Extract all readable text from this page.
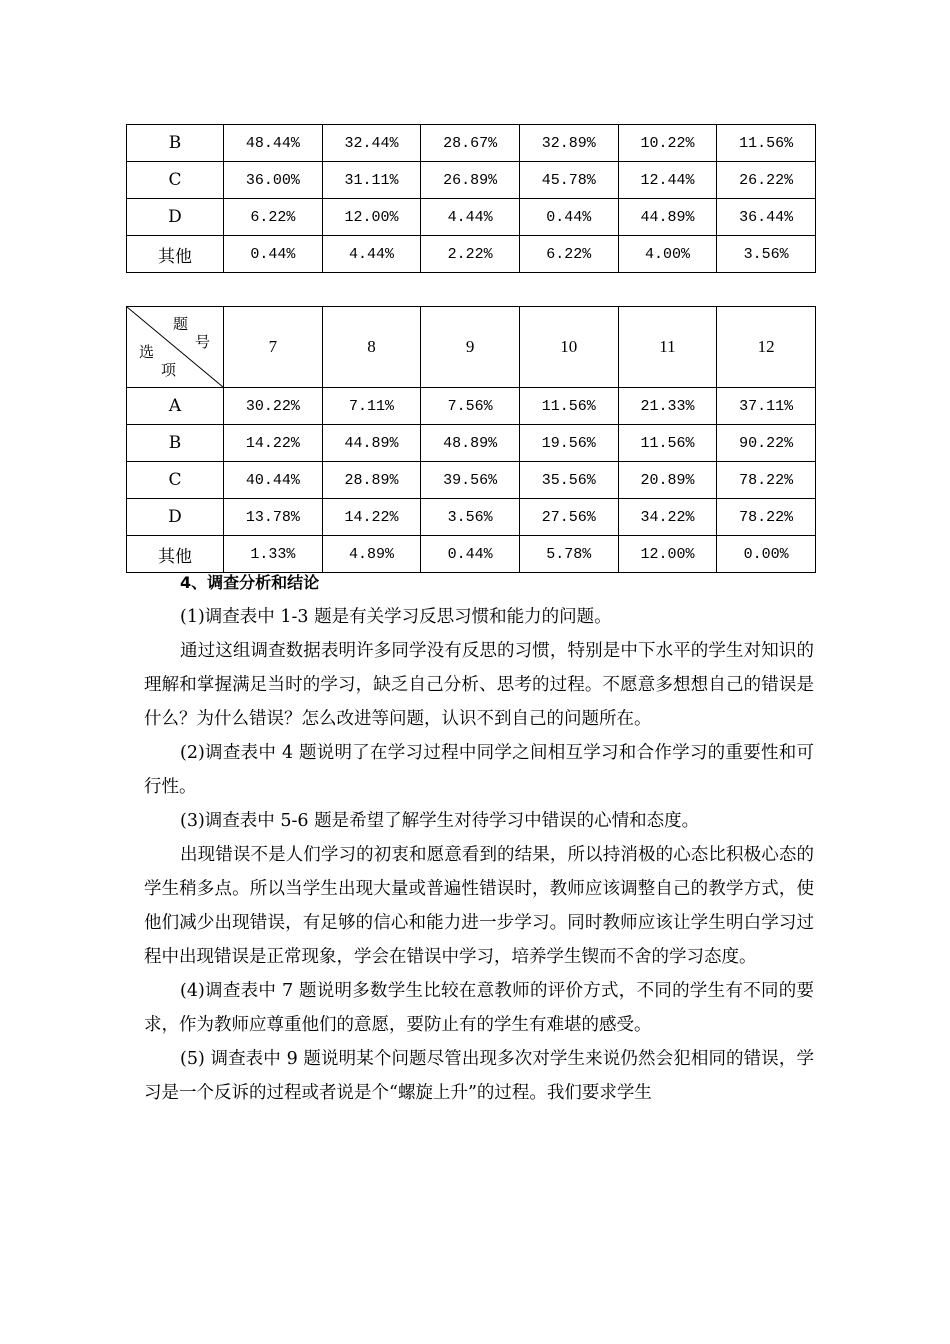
B	48.44%	32.44%	28.67%	32.89%	10.22%	11.56%
C	36.00%	31.11%	26.89%	45.78%	12.44%	26.22%
D	6.22%	12.00%	4.44%	0.44%	44.89%	36.44%
其他	0.44%	4.44%	2.22%	6.22%	4.00%	3.56%
题
号
选
项	7	8	9	10	11	12
A	30.22%	7.11%	7.56%	11.56%	21.33%	37.11%
B	14.22%	44.89%	48.89%	19.56%	11.56%	90.22%
C	40.44%	28.89%	39.56%	35.56%	20.89%	78.22%
D	13.78%	14.22%	3.56%	27.56%	34.22%	78.22%
其他	1.33%	4.89%	0.44%	5.78%	12.00%	0.00%

4、调查分析和结论

(1)调查表中 1-3 题是有关学习反思习惯和能力的问题。

通过这组调查数据表明许多同学没有反思的习惯，特别是中下水平的学生对知识的理解和掌握满足当时的学习，缺乏自己分析、思考的过程。不愿意多想想自己的错误是什么？为什么错误？怎么改进等问题，认识不到自己的问题所在。

(2)调查表中 4 题说明了在学习过程中同学之间相互学习和合作学习的重要性和可行性。

(3)调查表中 5-6 题是希望了解学生对待学习中错误的心情和态度。

出现错误不是人们学习的初衷和愿意看到的结果，所以持消极的心态比积极心态的学生稍多点。所以当学生出现大量或普遍性错误时，教师应该调整自己的教学方式，使他们减少出现错误，有足够的信心和能力进一步学习。同时教师应该让学生明白学习过程中出现错误是正常现象，学会在错误中学习，培养学生锲而不舍的学习态度。

(4)调查表中 7 题说明多数学生比较在意教师的评价方式，不同的学生有不同的要求，作为教师应尊重他们的意愿，要防止有的学生有难堪的感受。

(5) 调查表中 9 题说明某个问题尽管出现多次对学生来说仍然会犯相同的错误，学习是一个反诉的过程或者说是个“螺旋上升”的过程。我们要求学生
